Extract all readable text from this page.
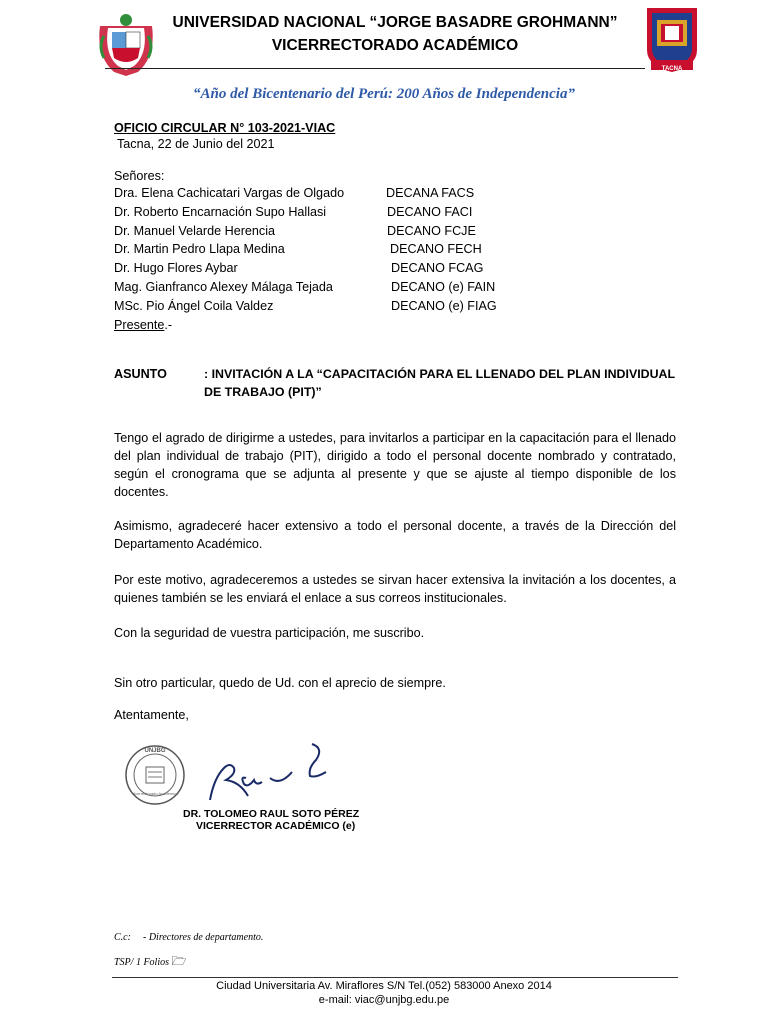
TACNA
UNIVERSIDAD NACIONAL “JORGE BASADRE GROHMANN”
VICERRECTORADO ACADÉMICO
“Año del Bicentenario del Perú: 200 Años de Independencia”
OFICIO CIRCULAR N° 103-2021-VIAC
Tacna, 22 de Junio del 2021
Señores:
Dra. Elena Cachicatari Vargas de Olgado	DECANA FACS
Dr. Roberto Encarnación Supo Hallasi	DECANO FACI
Dr. Manuel Velarde Herencia	DECANO FCJE
Dr. Martin Pedro Llapa Medina	DECANO FECH
Dr. Hugo Flores Aybar	DECANO FCAG
Mag. Gianfranco Alexey Málaga Tejada	DECANO (e) FAIN
MSc. Pio Ángel Coila Valdez	DECANO (e) FIAG
Presente.-
ASUNTO	: INVITACIÓN A LA “CAPACITACIÓN PARA EL LLENADO DEL PLAN INDIVIDUAL DE TRABAJO (PIT)”

Tengo el agrado de dirigirme a ustedes, para invitarlos a participar en la capacitación para el llenado del plan individual de trabajo (PIT), dirigido a todo el personal docente nombrado y contratado, según el cronograma que se adjunta al presente y que se ajuste al tiempo disponible de los docentes.

Asimismo, agradeceré hacer extensivo a todo el personal docente, a través de la Dirección del Departamento Académico.

Por este motivo, agradeceremos a ustedes se sirvan hacer extensiva la invitación a los docentes, a quienes también se les enviará el enlace a sus correos institucionales.

Con la seguridad de vuestra participación, me suscribo.

Sin otro particular, quedo de Ud. con el aprecio de siempre.
Atentamente,
UNJBG
Vicerrectorado Académico
DR. TOLOMEO RAUL SOTO PÉREZ
VICERRECTOR ACADÉMICO (e)
C.c: - Directores de departamento.
TSP/ 1 Folios 🗁
Ciudad Universitaria Av. Miraflores S/N Tel.(052) 583000 Anexo 2014
e-mail: viac@unjbg.edu.pe
